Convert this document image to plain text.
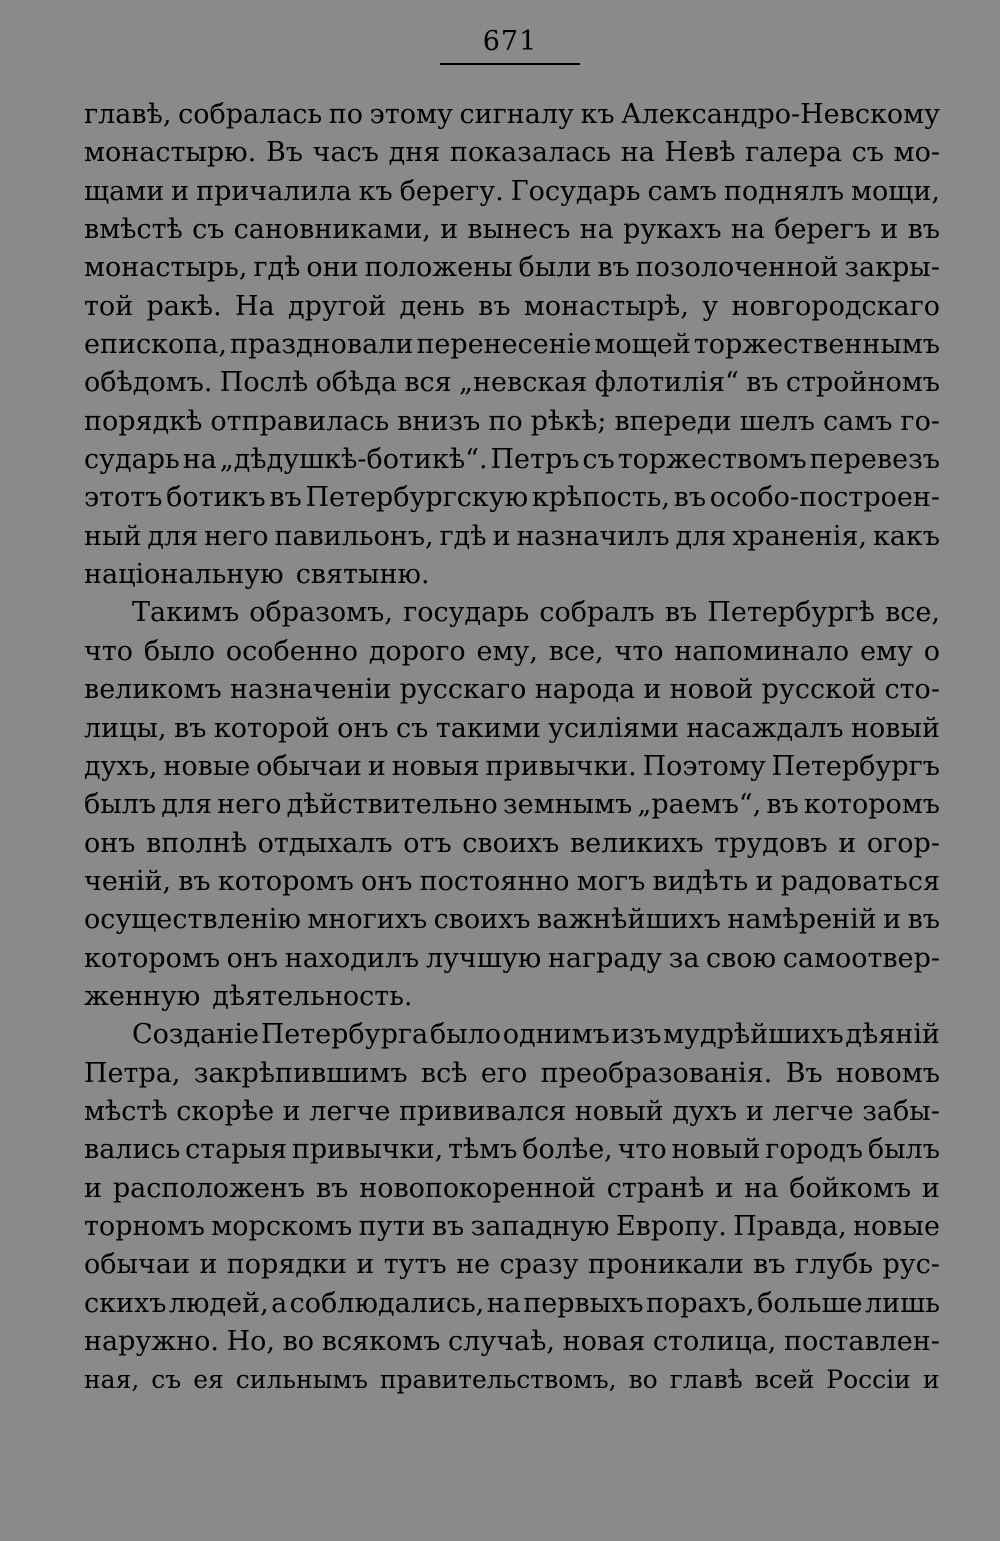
671
главѣ, собралась по этому сигналу къ Александро-Невскому
монастырю. Въ часъ дня показалась на Невѣ галера съ мо-
щами и причалила къ берегу. Государь самъ поднялъ мощи,
вмѣстѣ съ сановниками, и вынесъ на рукахъ на берегъ и въ
монастырь, гдѣ они положены были въ позолоченной закры-
той ракѣ. На другой день въ монастырѣ, у новгородскаго
епископа, праздновали перенесеніе мощей торжественнымъ
обѣдомъ. Послѣ обѣда вся „невская флотилія“ въ стройномъ
порядкѣ отправилась внизъ по рѣкѣ; впереди шелъ самъ го-
сударь на „дѣдушкѣ-ботикѣ“. Петръ съ торжествомъ перевезъ
этотъ ботикъ въ Петербургскую крѣпость, въ особо-построен-
ный для него павильонъ, гдѣ и назначилъ для храненія, какъ
національную святыню.
Такимъ образомъ, государь собралъ въ Петербургѣ все,
что было особенно дорого ему, все, что напоминало ему о
великомъ назначеніи русскаго народа и новой русской сто-
лицы, въ которой онъ съ такими усиліями насаждалъ новый
духъ, новые обычаи и новыя привычки. Поэтому Петербургъ
былъ для него дѣйствительно земнымъ „раемъ“, въ которомъ
онъ вполнѣ отдыхалъ отъ своихъ великихъ трудовъ и огор-
ченій, въ которомъ онъ постоянно могъ видѣть и радоваться
осуществленію многихъ своихъ важнѣйшихъ намѣреній и въ
которомъ онъ находилъ лучшую награду за свою самоотвер-
женную дѣятельность.
Созданіе Петербурга было однимъ изъ мудрѣйшихъ дѣяній
Петра, закрѣпившимъ всѣ его преобразованія. Въ новомъ
мѣстѣ скорѣе и легче прививался новый духъ и легче забы-
вались старыя привычки, тѣмъ болѣе, что новый городъ былъ
и расположенъ въ новопокоренной странѣ и на бойкомъ и
торномъ морскомъ пути въ западную Европу. Правда, новые
обычаи и порядки и тутъ не сразу проникали въ глубь рус-
скихъ людей, а соблюдались, на первыхъ порахъ, больше лишь
наружно. Но, во всякомъ случаѣ, новая столица, поставлен-
ная, съ ея сильнымъ правительствомъ, во главѣ всей Россіи и
